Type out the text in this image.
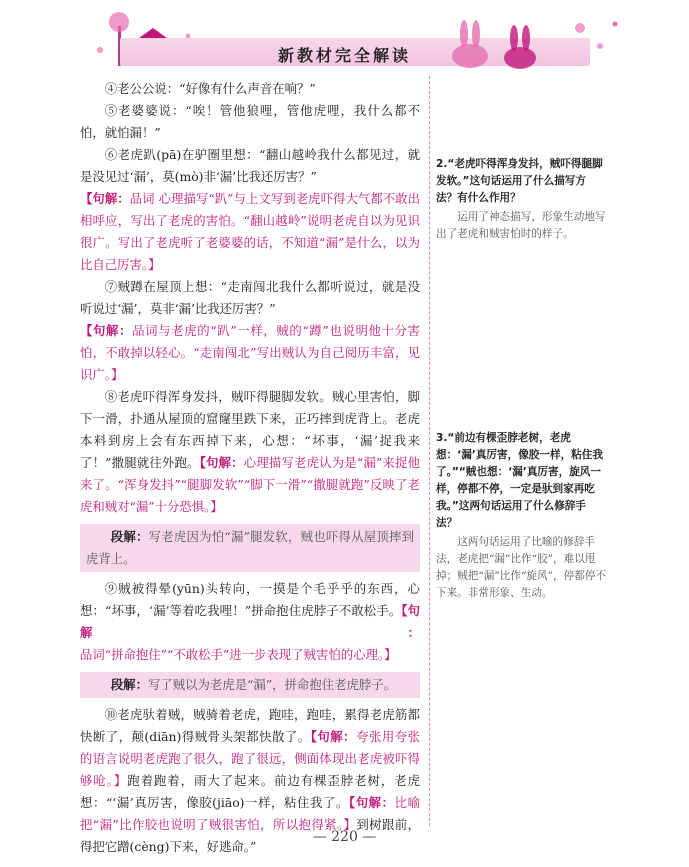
新教材完全解读

④老公公说：“好像有什么声音在响？”

⑤老婆婆说：“唉！管他狼哩，管他虎哩，我什么都不怕，就怕漏！”

⑥老虎趴(pā)在驴圈里想：“翻山越岭我什么都见过，就是没见过‘漏’，莫(mò)非‘漏’比我还厉害？”

【句解：品词 心理描写“趴”与上文写到老虎吓得大气都不敢出相呼应，写出了老虎的害怕。“翻山越岭”说明老虎自以为见识很广。写出了老虎听了老婆婆的话，不知道“漏”是什么，以为比自己厉害。】

⑦贼蹲在屋顶上想：“走南闯北我什么都听说过，就是没听说过‘漏’，莫非‘漏’比我还厉害？”

【句解：品词与老虎的“趴”一样，贼的“蹲”也说明他十分害怕，不敢掉以轻心。“走南闯北”写出贼认为自己阅历丰富，见识广。】

⑧老虎吓得浑身发抖，贼吓得腿脚发软。贼心里害怕，脚下一滑，扑通从屋顶的窟窿里跌下来，正巧摔到虎背上。老虎本料到房上会有东西掉下来，心想：“坏事，‘漏’捉我来了！”撒腿就往外跑。【句解：心理描写老虎认为是“漏”来捉他来了。“浑身发抖”“腿脚发软”“脚下一滑”“撒腿就跑”反映了老虎和贼对“漏”十分恐惧。】

段解：写老虎因为怕“漏”腿发软，贼也吓得从屋顶摔到虎背上。

⑨贼被得晕(yūn)头转向，一摸是个毛乎乎的东西，心想：“坏事，‘漏’等着吃我哩！”拼命抱住虎脖子不敢松手。【句解：品词“拼命抱住”“不敢松手”进一步表现了贼害怕的心理。】

段解：写了贼以为老虎是“漏”，拼命抱住老虎脖子。

⑩老虎驮着贼，贼骑着老虎，跑哇，跑哇，累得老虎筋都快断了，颠(diān)得贼骨头架都快散了。【句解：夸张用夸张的语言说明老虎跑了很久，跑了很远，侧面体现出老虎被吓得够呛。】跑着跑着，雨大了起来。前边有棵歪脖老树，老虎想：“‘漏’真厉害，像胶(jiāo)一样，粘住我了。【句解：比喻把“漏”比作胶也说明了贼很害怕，所以抱得紧。】到树跟前，得把它蹭(cèng)下来，好逃命。”

2.“老虎吓得浑身发抖，贼吓得腿脚发软。”这句话运用了什么描写方法？有什么作用？
运用了神态描写，形象生动地写出了老虎和贼害怕时的样子。
3.“前边有棵歪脖老树，老虎想：‘漏’真厉害，像胶一样，粘住我了。”“贼也想：‘漏’真厉害，旋风一样，停都不停，一定是驮到家再吃我。”这两句话运用了什么修辞手法？
这两句话运用了比喻的修辞手法，老虎把“漏”比作“胶”，难以甩掉；贼把“漏”比作“旋风”，停都停不下来。非常形象、生动。
— 220 —
